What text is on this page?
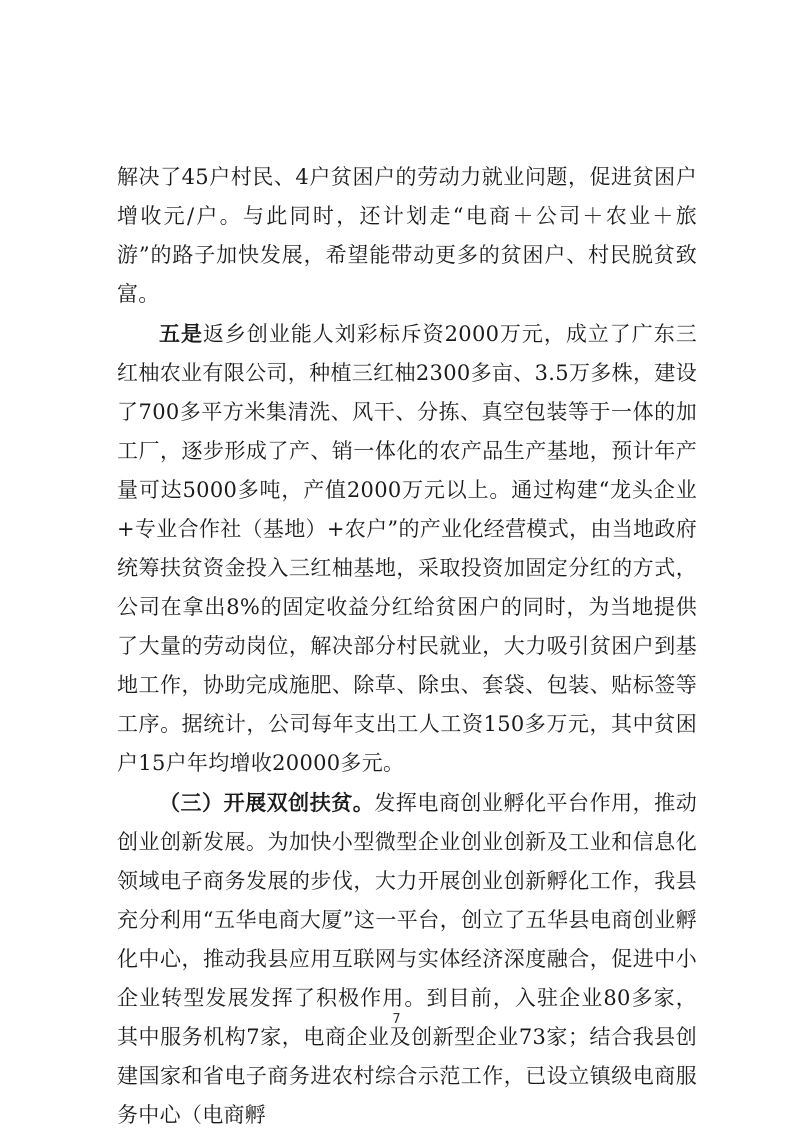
解决了45户村民、4户贫困户的劳动力就业问题，促进贫困户增收元/户。与此同时，还计划走“电商＋公司＋农业＋旅游”的路子加快发展，希望能带动更多的贫困户、村民脱贫致富。

五是返乡创业能人刘彩标斥资2000万元，成立了广东三红柚农业有限公司，种植三红柚2300多亩、3.5万多株，建设了700多平方米集清洗、风干、分拣、真空包装等于一体的加工厂，逐步形成了产、销一体化的农产品生产基地，预计年产量可达5000多吨，产值2000万元以上。通过构建“龙头企业+专业合作社（基地）+农户”的产业化经营模式，由当地政府统筹扶贫资金投入三红柚基地，采取投资加固定分红的方式，公司在拿出8%的固定收益分红给贫困户的同时，为当地提供了大量的劳动岗位，解决部分村民就业，大力吸引贫困户到基地工作，协助完成施肥、除草、除虫、套袋、包装、贴标签等工序。据统计，公司每年支出工人工资150多万元，其中贫困户15户年均增收20000多元。

（三）开展双创扶贫。发挥电商创业孵化平台作用，推动创业创新发展。为加快小型微型企业创业创新及工业和信息化领域电子商务发展的步伐，大力开展创业创新孵化工作，我县充分利用“五华电商大厦”这一平台，创立了五华县电商创业孵化中心，推动我县应用互联网与实体经济深度融合，促进中小企业转型发展发挥了积极作用。到目前，入驻企业80多家，其中服务机构7家，电商企业及创新型企业73家；结合我县创建国家和省电子商务进农村综合示范工作，已设立镇级电商服务中心（电商孵

7
